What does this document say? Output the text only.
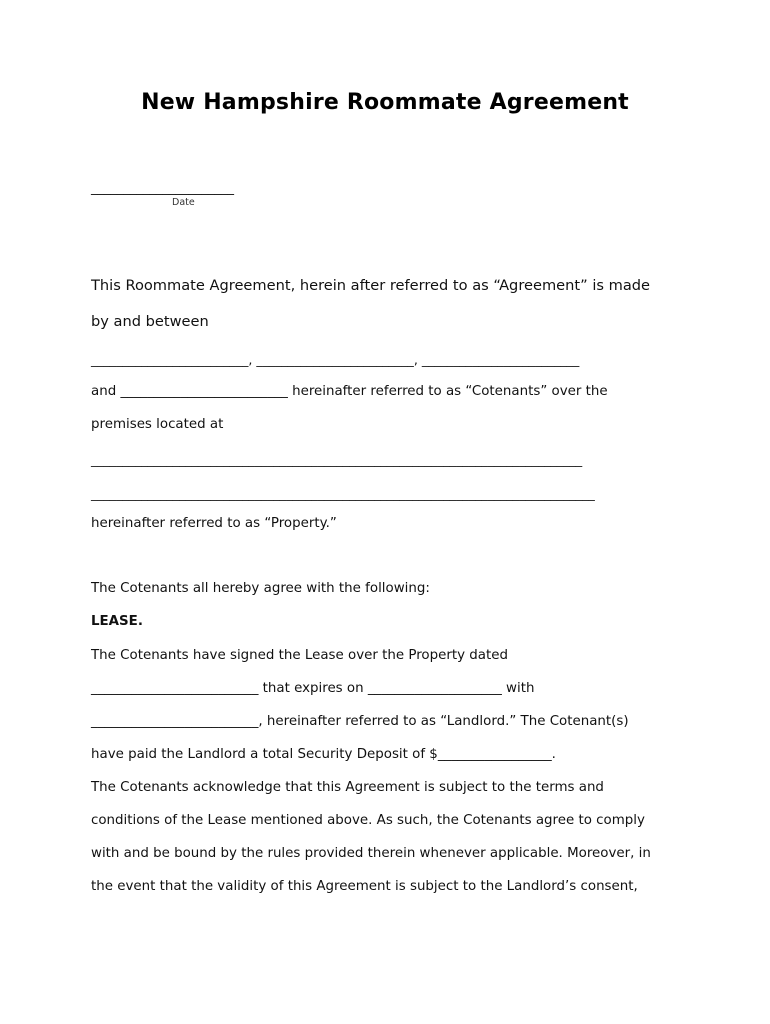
New Hampshire Roommate Agreement
______________________
Date
This Roommate Agreement, herein after referred to as “Agreement” is made
by and between
_________________________, _________________________, _________________________
and _________________________ hereinafter referred to as “Cotenants” over the
premises located at
______________________________________________________________________________
________________________________________________________________________________
hereinafter referred to as “Property.”
The Cotenants all hereby agree with the following:
LEASE.
The Cotenants have signed the Lease over the Property dated
_________________________ that expires on ____________________ with
_________________________, hereinafter referred to as “Landlord.” The Cotenant(s)
have paid the Landlord a total Security Deposit of $_________________.
The Cotenants acknowledge that this Agreement is subject to the terms and
conditions of the Lease mentioned above. As such, the Cotenants agree to comply
with and be bound by the rules provided therein whenever applicable. Moreover, in
the event that the validity of this Agreement is subject to the Landlord’s consent,
